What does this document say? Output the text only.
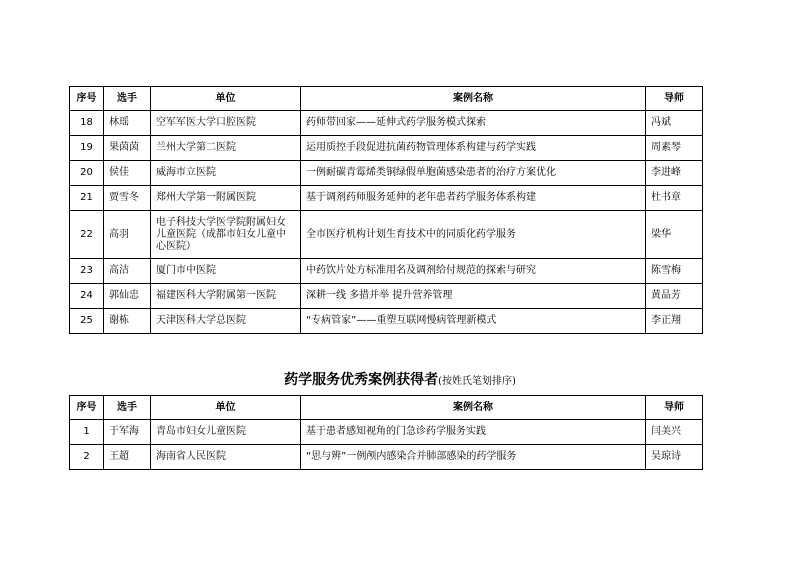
序号	选手	单位	案例名称	导师
18	林瑶	空军军医大学口腔医院	药师带回家——延伸式药学服务模式探索	冯斌
19	果茵茵	兰州大学第二医院	运用质控手段促进抗菌药物管理体系构建与药学实践	周素琴
20	侯佳	威海市立医院	一例耐碳青霉烯类铜绿假单胞菌感染患者的治疗方案优化	李进峰
21	贾雪冬	郑州大学第一附属医院	基于调剂药师服务延伸的老年患者药学服务体系构建	杜书章
22	高羽	电子科技大学医学院附属妇女儿童医院（成都市妇女儿童中心医院）	全市医疗机构计划生育技术中的同质化药学服务	梁华
23	高洁	厦门市中医院	中药饮片处方标准用名及调剂给付规范的探索与研究	陈雪梅
24	郭仙忠	福建医科大学附属第一医院	深耕一线 多措并举 提升营养管理	黄品芳
25	谢栋	天津医科大学总医院	“专病管家”——重塑互联网慢病管理新模式	李正翔
药学服务优秀案例获得者(按姓氏笔划排序)
序号	选手	单位	案例名称	导师
1	于军海	青岛市妇女儿童医院	基于患者感知视角的门急诊药学服务实践	闫美兴
2	王超	海南省人民医院	“思与辨”一例颅内感染合并肺部感染的药学服务	吴琼诗
